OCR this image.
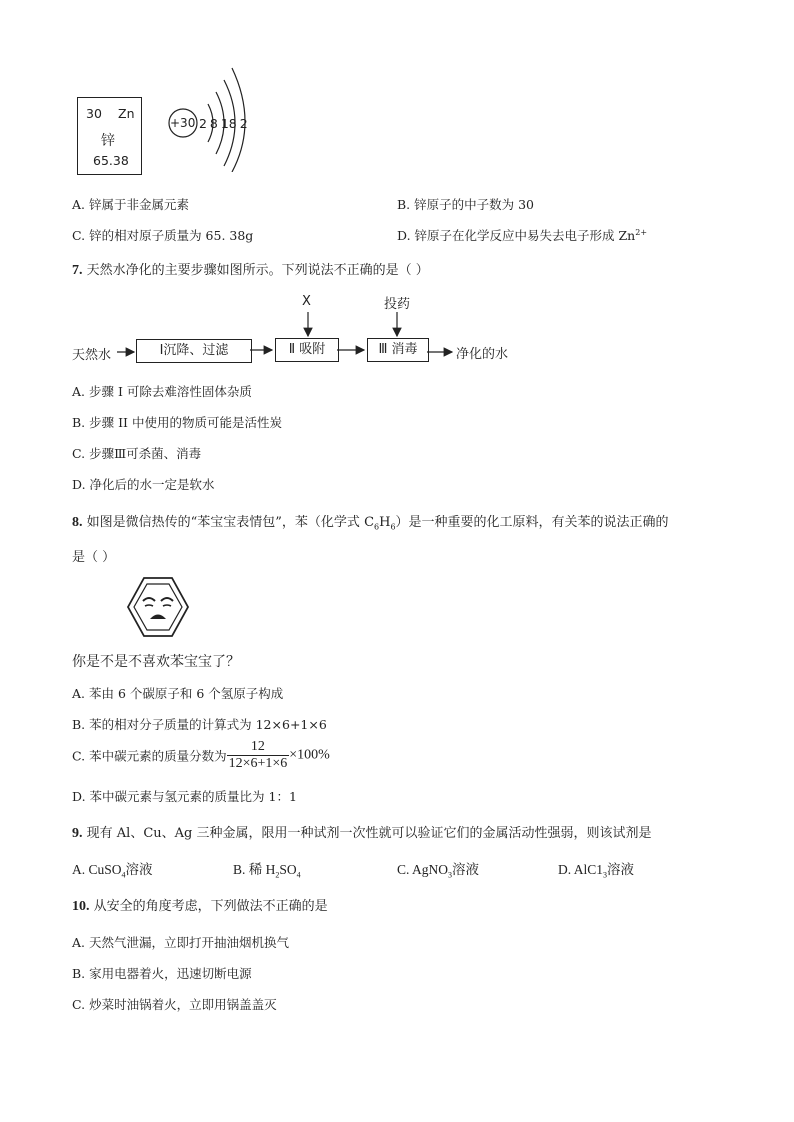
30 Zn
锌
65.38
+30 2 8 18 2
A. 锌属于非金属元素	B. 锌原子的中子数为 30
C. 锌的相对原子质量为 65. 38g	D. 锌原子在化学反应中易失去电子形成 $Zn^{2+}$
7. 天然水净化的主要步骤如图所示。下列说法不正确的是（ ）
天然水	Ⅰ沉降、过滤	Ⅱ 吸附	Ⅲ 消毒	净化的水
X	投药
A. 步骤 I 可除去难溶性固体杂质
B. 步骤 II 中使用的物质可能是活性炭
C. 步骤Ⅲ可杀菌、消毒
D. 净化后的水一定是软水
8. 如图是微信热传的“苯宝宝表情包”，苯（化学式 $C_6H_6$）是一种重要的化工原料，有关苯的说法正确的
是（ ）
你是不是不喜欢苯宝宝了？
A. 苯由 6 个碳原子和 6 个氢原子构成
B. 苯的相对分子质量的计算式为 12×6+1×6
C. 苯中碳元素的质量分数为 $\frac{12}{12\times 6+1\times 6} \times 100\%$
D. 苯中碳元素与氢元素的质量比为 1：1
9. 现有 Al、Cu、Ag 三种金属，限用一种试剂一次性就可以验证它们的金属活动性强弱，则该试剂是
A. CuSO$_4$溶液	B. 稀 $H_2SO_4$	C. AgNO$_3$溶液	D. $AlC1_3$溶液
10. 从安全的角度考虑，下列做法不正确的是
A. 天然气泄漏，立即打开抽油烟机换气
B. 家用电器着火，迅速切断电源
C. 炒菜时油锅着火，立即用锅盖盖灭
